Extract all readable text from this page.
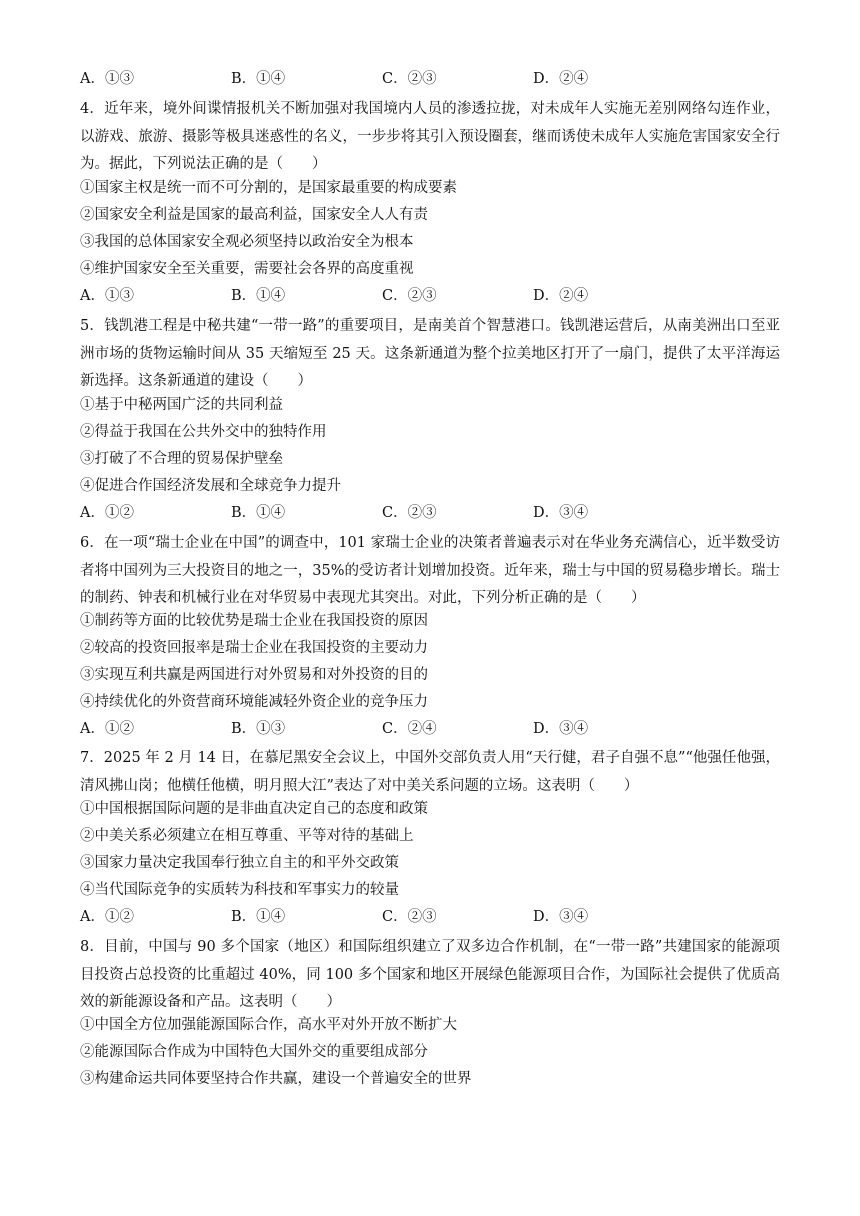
A．①③	B．①④	C．②③	D．②④
4．近年来，境外间谍情报机关不断加强对我国境内人员的渗透拉拢，对未成年人实施无差别网络勾连作业，以游戏、旅游、摄影等极具迷惑性的名义，一步步将其引入预设圈套，继而诱使未成年人实施危害国家安全行为。据此，下列说法正确的是（　　）
①国家主权是统一而不可分割的，是国家最重要的构成要素
②国家安全利益是国家的最高利益，国家安全人人有责
③我国的总体国家安全观必须坚持以政治安全为根本
④维护国家安全至关重要，需要社会各界的高度重视
A．①③	B．①④	C．②③	D．②④
5．钱凯港工程是中秘共建“一带一路”的重要项目，是南美首个智慧港口。钱凯港运营后，从南美洲出口至亚洲市场的货物运输时间从 35 天缩短至 25 天。这条新通道为整个拉美地区打开了一扇门，提供了太平洋海运新选择。这条新通道的建设（　　）
①基于中秘两国广泛的共同利益
②得益于我国在公共外交中的独特作用
③打破了不合理的贸易保护壁垒
④促进合作国经济发展和全球竞争力提升
A．①②	B．①④	C．②③	D．③④
6．在一项“瑞士企业在中国”的调查中，101 家瑞士企业的决策者普遍表示对在华业务充满信心，近半数受访者将中国列为三大投资目的地之一，35%的受访者计划增加投资。近年来，瑞士与中国的贸易稳步增长。瑞士的制药、钟表和机械行业在对华贸易中表现尤其突出。对此，下列分析正确的是（　　）
①制药等方面的比较优势是瑞士企业在我国投资的原因
②较高的投资回报率是瑞士企业在我国投资的主要动力
③实现互利共赢是两国进行对外贸易和对外投资的目的
④持续优化的外资营商环境能减轻外资企业的竞争压力
A．①②	B．①③	C．②④	D．③④
7．2025 年 2 月 14 日，在慕尼黑安全会议上，中国外交部负责人用“天行健，君子自强不息”“他强任他强，清风拂山岗；他横任他横，明月照大江”表达了对中美关系问题的立场。这表明（　　）
①中国根据国际问题的是非曲直决定自己的态度和政策
②中美关系必须建立在相互尊重、平等对待的基础上
③国家力量决定我国奉行独立自主的和平外交政策
④当代国际竞争的实质转为科技和军事实力的较量
A．①②	B．①④	C．②③	D．③④
8．目前，中国与 90 多个国家（地区）和国际组织建立了双多边合作机制，在“一带一路”共建国家的能源项目投资占总投资的比重超过 40%，同 100 多个国家和地区开展绿色能源项目合作，为国际社会提供了优质高效的新能源设备和产品。这表明（　　）
①中国全方位加强能源国际合作，高水平对外开放不断扩大
②能源国际合作成为中国特色大国外交的重要组成部分
③构建命运共同体要坚持合作共赢，建设一个普遍安全的世界
